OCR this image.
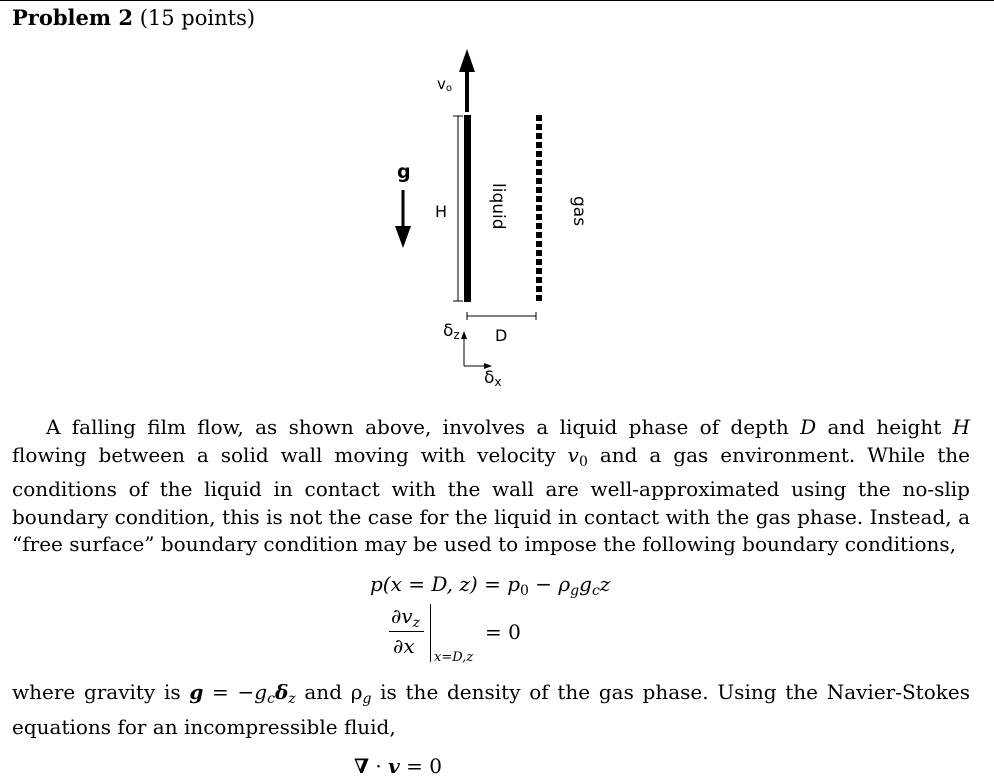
Problem 2 (15 points)
vo
g
H liquid	gas
D
δz
δx

A falling film flow, as shown above, involves a liquid phase of depth D and height H flowing between a solid wall moving with velocity $v_0$ and a gas environment. While the conditions of the liquid in contact with the wall are well-approximated using the no-slip boundary condition, this is not the case for the liquid in contact with the gas phase. Instead, a “free surface” boundary condition may be used to impose the following boundary conditions,

p(x = D, $z) = p_0 - \rho_gg_cz$
$\partial v_z$
∂x x=D,z
= 0

where gravity is $g = -g_c\delta_z$ and $\rho_g$ is the density of the gas phase. Using the Navier-Stokes equations for an incompressible fluid,

∇ · v = 0
